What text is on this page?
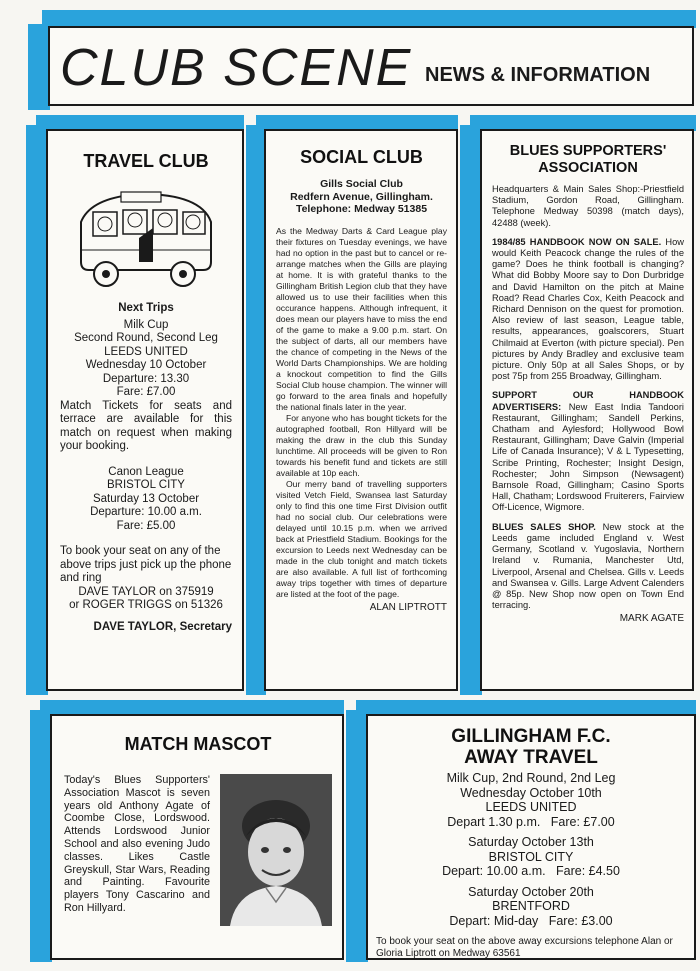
CLUB SCENE NEWS & INFORMATION
TRAVEL CLUB

Next Trips

Milk Cup

Second Round, Second Leg

LEEDS UNITED

Wednesday 10 October

Departure: 13.30

Fare: £7.00

Match Tickets for seats and terrace are available for this match on request when making your booking.

Canon League

BRISTOL CITY

Saturday 13 October

Departure: 10.00 a.m.

Fare: £5.00

To book your seat on any of the above trips just pick up the phone and ring

DAVE TAYLOR on 375919

or ROGER TRIGGS on 51326

DAVE TAYLOR, Secretary

SOCIAL CLUB

Gills Social Club

Redfern Avenue, Gillingham.

Telephone: Medway 51385

As the Medway Darts & Card League play their fixtures on Tuesday evenings, we have had no option in the past but to cancel or re-arrange matches when the Gills are playing at home. It is with grateful thanks to the Gillingham British Legion club that they have allowed us to use their facilities when this occurance happens. Although infrequent, it does mean our players have to miss the end of the game to make a 9.00 p.m. start. On the subject of darts, all our members have the chance of competing in the News of the World Darts Championships. We are holding a knockout competition to find the Gills Social Club house champion. The winner will go forward to the area finals and hopefully the national finals later in the year.

For anyone who has bought tickets for the autographed football, Ron Hillyard will be making the draw in the club this Sunday lunchtime. All proceeds will be given to Ron towards his benefit fund and tickets are still available at 10p each.

Our merry band of travelling supporters visited Vetch Field, Swansea last Saturday only to find this one time First Division outfit had no social club. Our celebrations were delayed until 10.15 p.m. when we arrived back at Priestfield Stadium. Bookings for the excursion to Leeds next Wednesday can be made in the club tonight and match tickets are also available. A full list of forthcoming away trips together with times of departure are listed at the foot of the page.

ALAN LIPTROTT

BLUES SUPPORTERS' ASSOCIATION

Headquarters & Main Sales Shop:-Priestfield Stadium, Gordon Road, Gillingham. Telephone Medway 50398 (match days), 42488 (week).

1984/85 HANDBOOK NOW ON SALE. How would Keith Peacock change the rules of the game? Does he think football is changing? What did Bobby Moore say to Don Durbridge and David Hamilton on the pitch at Maine Road? Read Charles Cox, Keith Peacock and Richard Dennison on the quest for promotion. Also review of last season, League table, results, appearances, goalscorers, Stuart Chilmaid at Everton (with picture special). Pen pictures by Andy Bradley and exclusive team picture. Only 50p at all Sales Shops, or by post 75p from 255 Broadway, Gillingham.

SUPPORT OUR HANDBOOK ADVERTISERS: New East India Tandoori Restaurant, Gillingham; Sandell Perkins, Chatham and Aylesford; Hollywood Bowl Restaurant, Gillingham; Dave Galvin (Imperial Life of Canada Insurance); V & L Typesetting, Scribe Printing, Rochester; Insight Design, Rochester; John Simpson (Newsagent) Barnsole Road, Gillingham; Casino Sports Hall, Chatham; Lordswood Fruiterers, Fairview Off-Licence, Wigmore.

BLUES SALES SHOP. New stock at the Leeds game included England v. West Germany, Scotland v. Yugoslavia, Northern Ireland v. Rumania, Manchester Utd, Liverpool, Arsenal and Chelsea. Gills v. Leeds and Swansea v. Gills. Large Advent Calenders @ 85p. New Shop now open on Town End terracing.

MARK AGATE

MATCH MASCOT

Today's Blues Supporters' Association Mascot is seven years old Anthony Agate of Coombe Close, Lordswood. Attends Lordswood Junior School and also evening Judo classes. Likes Castle Greyskull, Star Wars, Reading and Painting. Favourite players Tony Cascarino and Ron Hillyard.

GILLINGHAM F.C.
AWAY TRAVEL

Milk Cup, 2nd Round, 2nd Leg

Wednesday October 10th

LEEDS UNITED

Depart 1.30 p.m.   Fare: £7.00

Saturday October 13th

BRISTOL CITY

Depart: 10.00 a.m.   Fare: £4.50

Saturday October 20th

BRENTFORD

Depart: Mid-day   Fare: £3.00

To book your seat on the above away excursions telephone Alan or Gloria Liptrott on Medway 63561
